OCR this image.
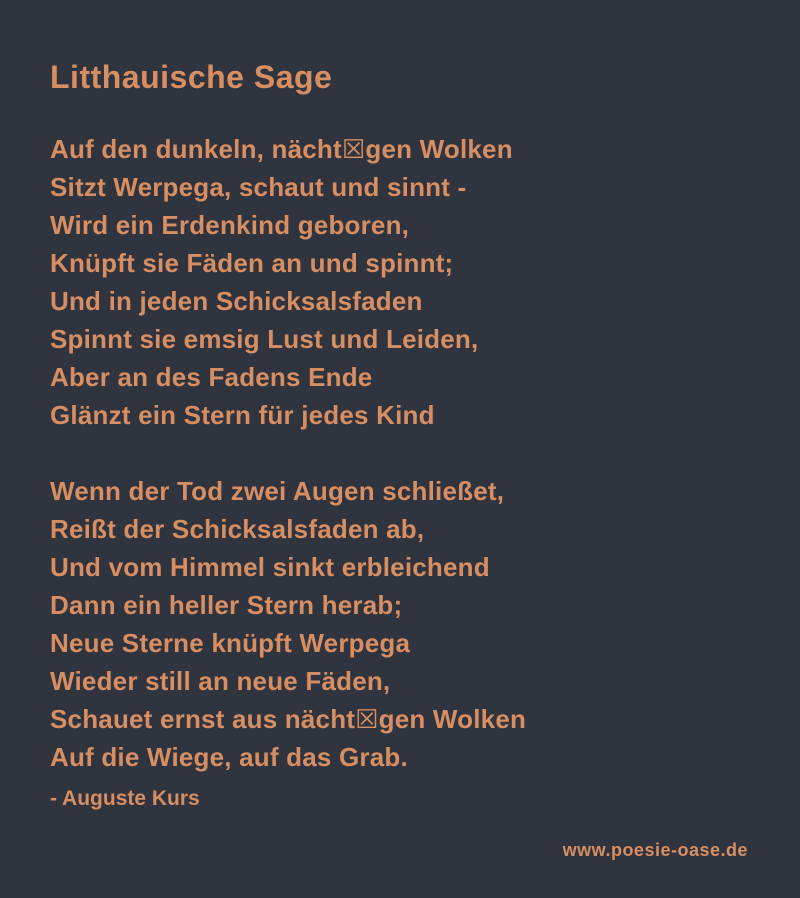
Litthauische Sage
Auf den dunkeln, nächt☒gen Wolken
Sitzt Werpega, schaut und sinnt -
Wird ein Erdenkind geboren,
Knüpft sie Fäden an und spinnt;
Und in jeden Schicksalsfaden
Spinnt sie emsig Lust und Leiden,
Aber an des Fadens Ende
Glänzt ein Stern für jedes Kind
Wenn der Tod zwei Augen schließet,
Reißt der Schicksalsfaden ab,
Und vom Himmel sinkt erbleichend
Dann ein heller Stern herab;
Neue Sterne knüpft Werpega
Wieder still an neue Fäden,
Schauet ernst aus nächt☒gen Wolken
Auf die Wiege, auf das Grab.
- Auguste Kurs
www.poesie-oase.de
